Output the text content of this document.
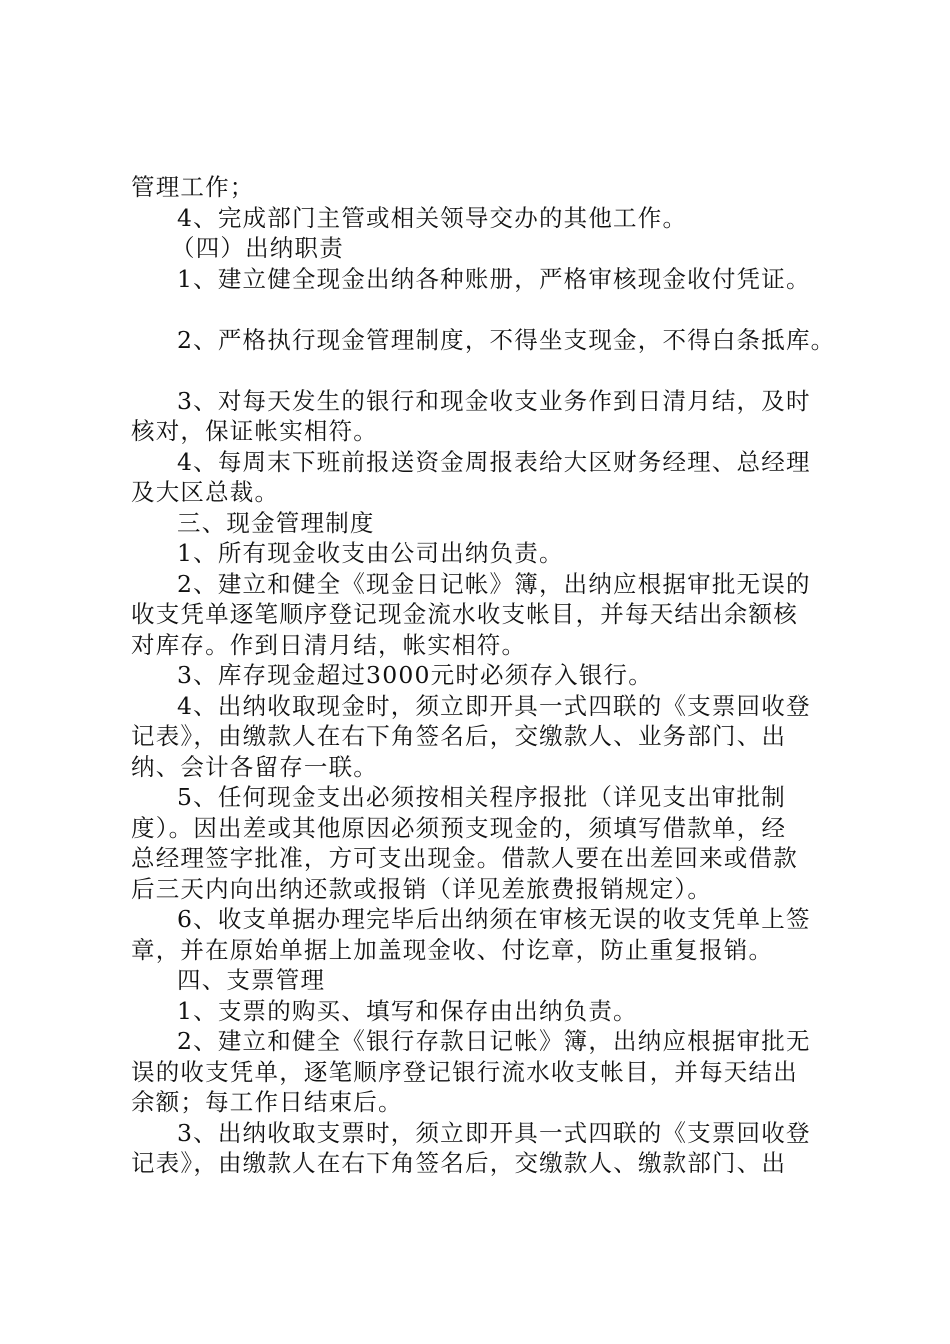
管理工作；
4、完成部门主管或相关领导交办的其他工作。
（四）出纳职责
1、建立健全现金出纳各种账册，严格审核现金收付凭证。
2、严格执行现金管理制度，不得坐支现金，不得白条抵库。
3、对每天发生的银行和现金收支业务作到日清月结，及时
核对，保证帐实相符。
4、每周末下班前报送资金周报表给大区财务经理、总经理
及大区总裁。
三、现金管理制度
1、所有现金收支由公司出纳负责。
2、建立和健全《现金日记帐》簿，出纳应根据审批无误的
收支凭单逐笔顺序登记现金流水收支帐目，并每天结出余额核
对库存。作到日清月结，帐实相符。
3、库存现金超过3000元时必须存入银行。
4、出纳收取现金时，须立即开具一式四联的《支票回收登
记表》，由缴款人在右下角签名后，交缴款人、业务部门、出
纳、会计各留存一联。
5、任何现金支出必须按相关程序报批（详见支出审批制
度）。因出差或其他原因必须预支现金的，须填写借款单，经
总经理签字批准，方可支出现金。借款人要在出差回来或借款
后三天内向出纳还款或报销（详见差旅费报销规定）。
6、收支单据办理完毕后出纳须在审核无误的收支凭单上签
章，并在原始单据上加盖现金收、付讫章，防止重复报销。
四、支票管理
1、支票的购买、填写和保存由出纳负责。
2、建立和健全《银行存款日记帐》簿，出纳应根据审批无
误的收支凭单，逐笔顺序登记银行流水收支帐目，并每天结出
余额；每工作日结束后。
3、出纳收取支票时，须立即开具一式四联的《支票回收登
记表》，由缴款人在右下角签名后，交缴款人、缴款部门、出
